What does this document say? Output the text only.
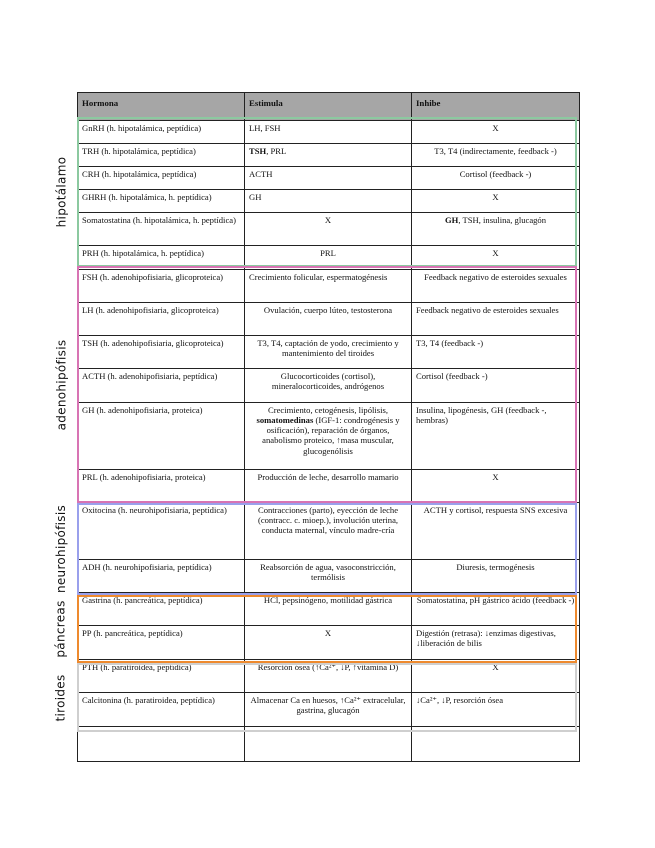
Hormona	Estimula	Inhibe
GnRH (h. hipotalámica, peptídica)	LH, FSH	X
TRH (h. hipotalámica, peptídica)	TSH, PRL	T3, T4 (indirectamente, feedback -)
CRH (h. hipotalámica, peptídica)	ACTH	Cortisol (feedback -)
GHRH (h. hipotalámica, h. peptídica)	GH	X
Somatostatina (h. hipotalámica, h. peptídica)	X	GH, TSH, insulina, glucagón
PRH (h. hipotalámica, h. peptídica)	PRL	X
FSH (h. adenohipofisiaria, glicoproteica)	Crecimiento folicular, espermatogénesis	Feedback negativo de esteroides sexuales
LH (h. adenohipofisiaria, glicoproteica)	Ovulación, cuerpo lúteo, testosterona	Feedback negativo de esteroides sexuales
TSH (h. adenohipofisiaria, glicoproteica)	T3, T4, captación de yodo, crecimiento y mantenimiento del tiroides	T3, T4 (feedback -)
ACTH (h. adenohipofisiaria, peptídica)	Glucocorticoides (cortisol), mineralocorticoides, andrógenos	Cortisol (feedback -)
GH (h. adenohipofisiaria, proteica)	Crecimiento, cetogénesis, lipólisis, somatomedinas (IGF-1: condrogénesis y osificación), reparación de órganos, anabolismo proteico, ↑masa muscular, glucogenólisis	Insulina, lipogénesis, GH (feedback -, hembras)
PRL (h. adenohipofisiaria, proteica)	Producción de leche, desarrollo mamario	X
Oxitocina (h. neurohipofisiaria, peptídica)	Contracciones (parto), eyección de leche (contracc. c. mioep.), involución uterina, conducta maternal, vínculo madre-cría	ACTH y cortisol, respuesta SNS excesiva
ADH (h. neurohipofisiaria, peptídica)	Reabsorción de agua, vasoconstricción, termólisis	Diuresis, termogénesis
Gastrina (h. pancreática, peptídica)	HCl, pepsinógeno, motilidad gástrica	Somatostatina, pH gástrico ácido (feedback -)
PP (h. pancreática, peptídica)	X	Digestión (retrasa): ↓enzimas digestivas, ↓liberación de bilis
PTH (h. paratiroidea, peptídica)	Resorción ósea (↑Ca²⁺, ↓P, ↑vitamina D)	X
Calcitonina (h. paratiroidea, peptídica)	Almacenar Ca en huesos, ↑Ca²⁺ extracelular, gastrina, glucagón	↓Ca²⁺, ↓P, resorción ósea

hipotálamo
adenohipófisis
neurohipófisis
páncreas
tiroides
